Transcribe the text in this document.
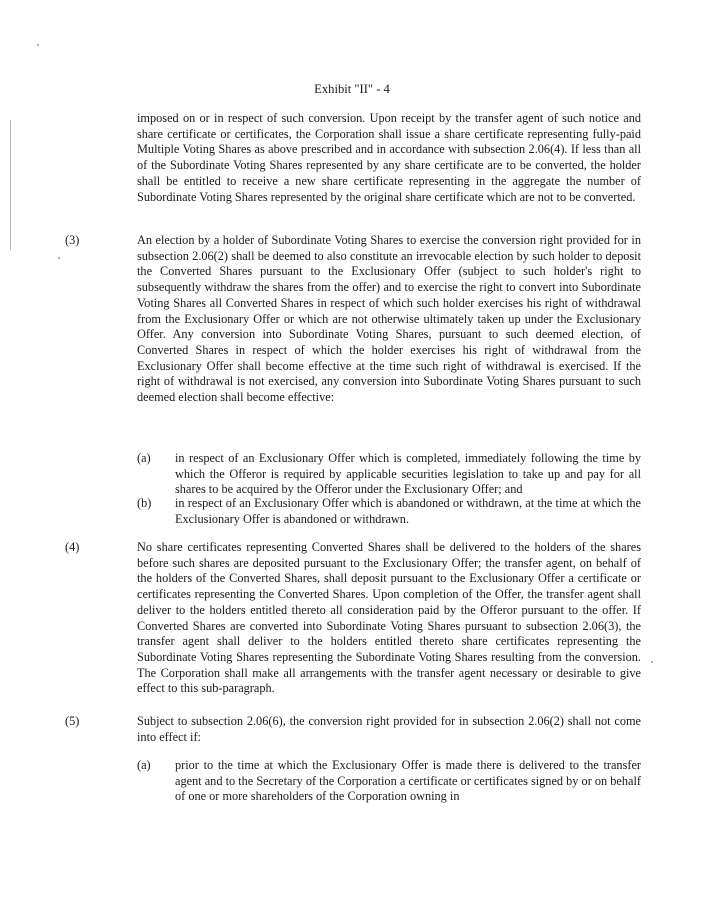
Exhibit "II" - 4

imposed on or in respect of such conversion. Upon receipt by the transfer agent of such notice and share certificate or certificates, the Corporation shall issue a share certificate representing fully-paid Multiple Voting Shares as above prescribed and in accordance with subsection 2.06(4). If less than all of the Subordinate Voting Shares represented by any share certificate are to be converted, the holder shall be entitled to receive a new share certificate representing in the aggregate the number of Subordinate Voting Shares represented by the original share certificate which are not to be converted.

(3)	An election by a holder of Subordinate Voting Shares to exercise the conversion right provided for in subsection 2.06(2) shall be deemed to also constitute an irrevocable election by such holder to deposit the Converted Shares pursuant to the Exclusionary Offer (subject to such holder's right to subsequently withdraw the shares from the offer) and to exercise the right to convert into Subordinate Voting Shares all Converted Shares in respect of which such holder exercises his right of withdrawal from the Exclusionary Offer or which are not otherwise ultimately taken up under the Exclusionary Offer. Any conversion into Subordinate Voting Shares, pursuant to such deemed election, of Converted Shares in respect of which the holder exercises his right of withdrawal from the Exclusionary Offer shall become effective at the time such right of withdrawal is exercised. If the right of withdrawal is not exercised, any conversion into Subordinate Voting Shares pursuant to such deemed election shall become effective:

(a) in respect of an Exclusionary Offer which is completed, immediately following the time by which the Offeror is required by applicable securities legislation to take up and pay for all shares to be acquired by the Offeror under the Exclusionary Offer; and

(b) in respect of an Exclusionary Offer which is abandoned or withdrawn, at the time at which the Exclusionary Offer is abandoned or withdrawn.

(4)	No share certificates representing Converted Shares shall be delivered to the holders of the shares before such shares are deposited pursuant to the Exclusionary Offer; the transfer agent, on behalf of the holders of the Converted Shares, shall deposit pursuant to the Exclusionary Offer a certificate or certificates representing the Converted Shares. Upon completion of the Offer, the transfer agent shall deliver to the holders entitled thereto all consideration paid by the Offeror pursuant to the offer. If Converted Shares are converted into Subordinate Voting Shares pursuant to subsection 2.06(3), the transfer agent shall deliver to the holders entitled thereto share certificates representing the Subordinate Voting Shares representing the Subordinate Voting Shares resulting from the conversion. The Corporation shall make all arrangements with the transfer agent necessary or desirable to give effect to this sub-paragraph.

(5)	Subject to subsection 2.06(6), the conversion right provided for in subsection 2.06(2) shall not come into effect if:

(a) prior to the time at which the Exclusionary Offer is made there is delivered to the transfer agent and to the Secretary of the Corporation a certificate or certificates signed by or on behalf of one or more shareholders of the Corporation owning in
